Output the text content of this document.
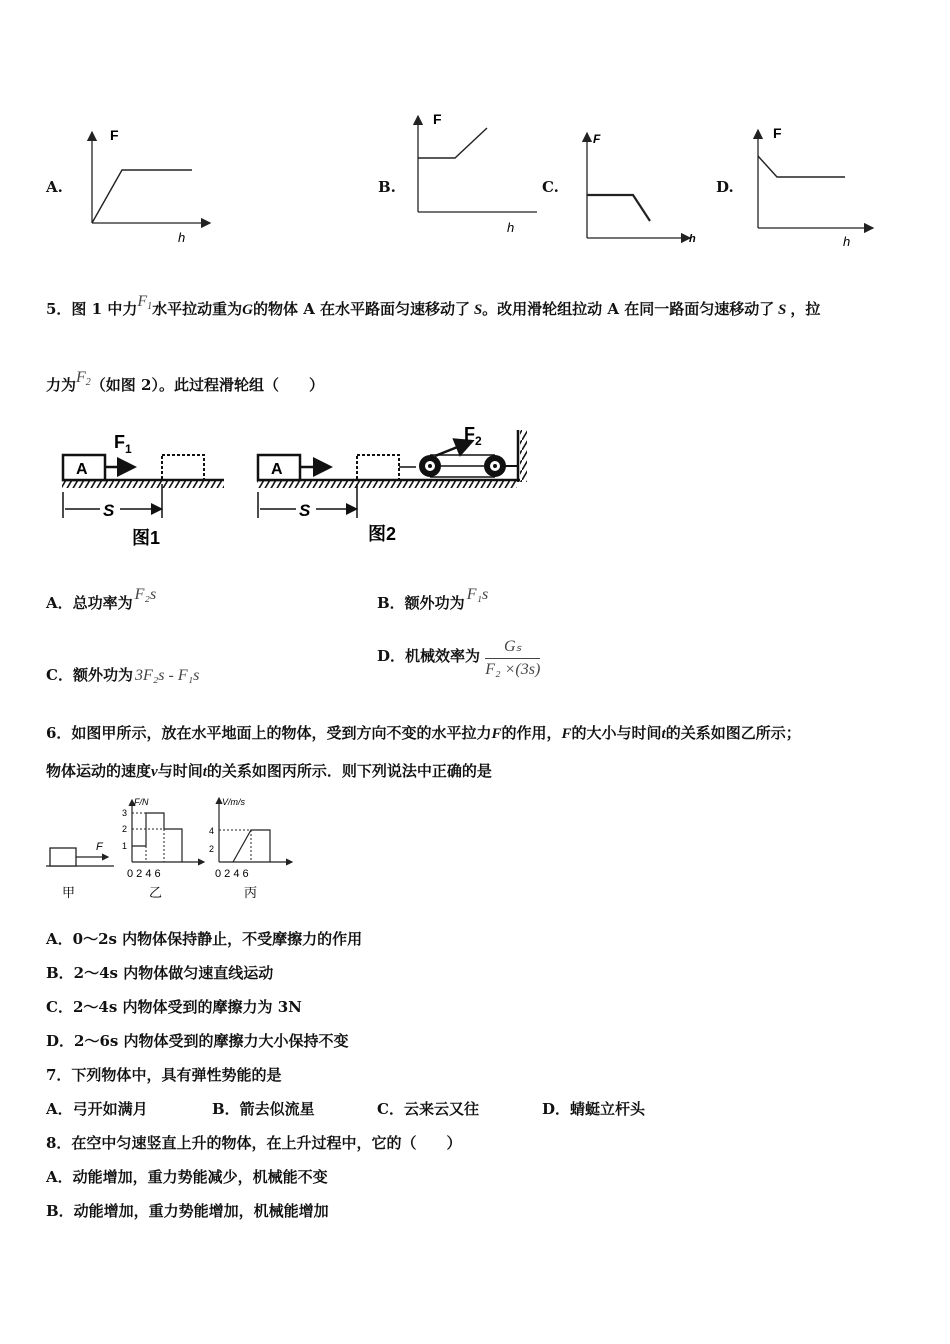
A.
F
h
B.
F
h
C.
F
h
D.
F
h
5．图 1 中力$F_1$水平拉动重为G的物体 A 在水平路面匀速移动了 S。改用滑轮组拉动 A 在同一路面匀速移动了 S ，拉
力为$F_2$（如图 2）。此过程滑轮组（　　）
A
$F_1$
S
图1
A
$F_2$
S
图2
A．总功率为 F₂s	B．额外功为 F₁s
C．额外功为 3F₂s - F₁s
D．机械效率为 $\frac{\text{Gₛ}}{\text{F₂ ×(3s)}}$
6．如图甲所示，放在水平地面上的物体，受到方向不变的水平拉力F的作用，F的大小与时间t的关系如图乙所示；
物体运动的速度v与时间t的关系如图丙所示．则下列说法中正确的是
F
甲
F/N
3
2
1
0 2 4 6
乙
V/m/s
4
2
0 2 4 6
丙
A．0～2s 内物体保持静止，不受摩擦力的作用
B．2～4s 内物体做匀速直线运动
C．2～4s 内物体受到的摩擦力为 3N
D．2～6s 内物体受到的摩擦力大小保持不变
7．下列物体中，具有弹性势能的是
A．弓开如满月	B．箭去似流星	C．云来云又往	D．蜻蜓立杆头
8．在空中匀速竖直上升的物体，在上升过程中，它的（　　）
A．动能增加，重力势能减少，机械能不变
B．动能增加，重力势能增加，机械能增加
